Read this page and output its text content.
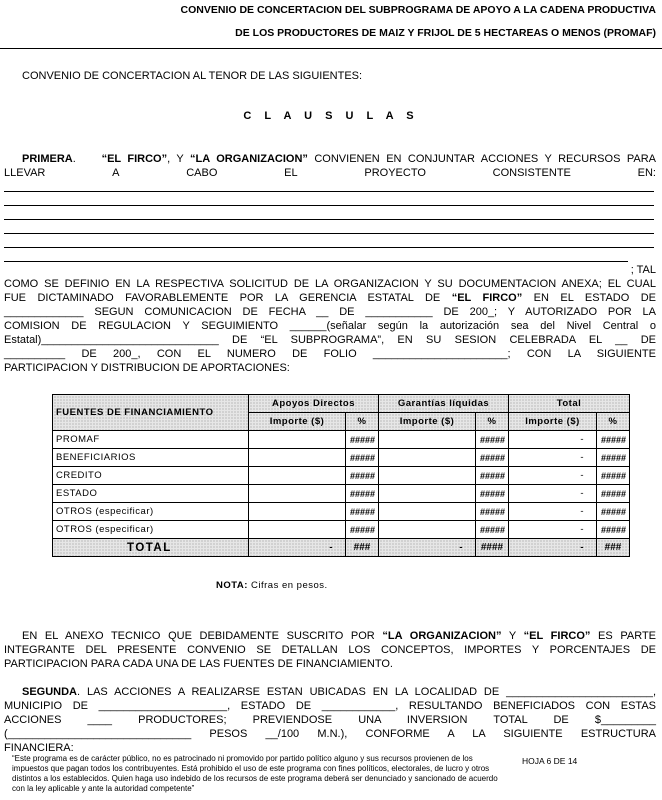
CONVENIO DE CONCERTACION DEL SUBPROGRAMA DE APOYO A LA CADENA PRODUCTIVA
DE LOS PRODUCTORES DE MAIZ Y FRIJOL DE 5 HECTAREAS O MENOS (PROMAF)
CONVENIO DE CONCERTACION AL TENOR DE LAS SIGUIENTES:
C L A U S U L A S
PRIMERA. “EL FIRCO”, Y “LA ORGANIZACION” CONVIENEN EN CONJUNTAR ACCIONES Y RECURSOS PARA
LLEVAR	A	CABO	EL	PROYECTO	CONSISTENTE	EN:
; TAL
COMO SE DEFINIO EN LA RESPECTIVA SOLICITUD DE LA ORGANIZACION Y SU DOCUMENTACION ANEXA; EL CUAL
FUE DICTAMINADO FAVORABLEMENTE POR LA GERENCIA ESTATAL DE “EL FIRCO” EN EL ESTADO DE
_____________ SEGUN COMUNICACION DE FECHA __ DE ___________ DE 200_; Y AUTORIZADO POR LA
COMISION DE REGULACION Y SEGUIMIENTO ______(señalar según la autorización sea del Nivel Central o
Estatal)_____________________________ DE “EL SUBPROGRAMA”, EN SU SESION CELEBRADA EL __ DE
__________ DE 200_, CON EL NUMERO DE FOLIO ______________________; CON LA SIGUIENTE
PARTICIPACION Y DISTRIBUCION DE APORTACIONES:
FUENTES DE FINANCIAMIENTO	Apoyos Directos		Garantías líquidas		Total	
	Importe ($)	%	Importe ($)	%	Importe ($)	%
PROMAF		#####		#####	-	#####
BENEFICIARIOS		#####		#####	-	#####
CREDITO		#####		#####	-	#####
ESTADO		#####		#####	-	#####
OTROS (especificar)		#####		#####	-	#####
OTROS (especificar)		#####		#####	-	#####
TOTAL	-	###	-	####	-	###
NOTA: Cifras en pesos.
EN EL ANEXO TECNICO QUE DEBIDAMENTE SUSCRITO POR “LA ORGANIZACION” Y “EL FIRCO” ES PARTE
INTEGRANTE DEL PRESENTE CONVENIO SE DETALLAN LOS CONCEPTOS, IMPORTES Y PORCENTAJES DE
PARTICIPACION PARA CADA UNA DE LAS FUENTES DE FINANCIAMIENTO.
SEGUNDA. LAS ACCIONES A REALIZARSE ESTAN UBICADAS EN LA LOCALIDAD DE ________________________,
MUNICIPIO DE _____________________, ESTADO DE ____________, RESULTANDO BENEFICIADOS CON ESTAS
ACCIONES ____ PRODUCTORES; PREVIENDOSE UNA INVERSION TOTAL DE $_________
(______________________________ PESOS __/100 M.N.), CONFORME A LA SIGUIENTE ESTRUCTURA
FINANCIERA:
“Este programa es de carácter público, no es patrocinado ni promovido por partido político alguno y sus recursos provienen de los impuestos que pagan todos los contribuyentes. Está prohibido el uso de este programa con fines políticos, electorales, de lucro y otros distintos a los establecidos. Quien haga uso indebido de los recursos de este programa deberá ser denunciado y sancionado de acuerdo con la ley aplicable y ante la autoridad competente”
HOJA 6 DE 14
